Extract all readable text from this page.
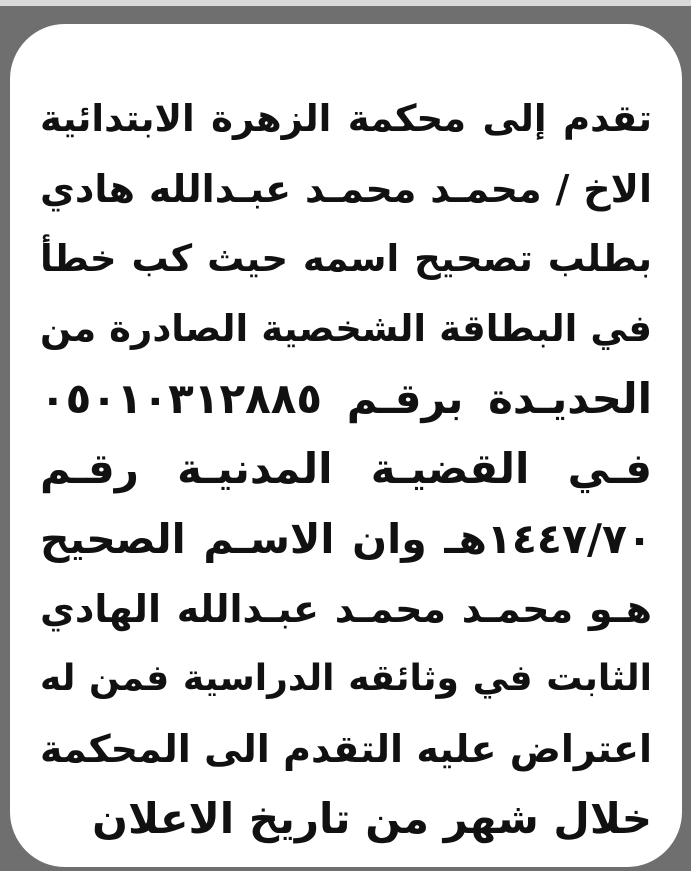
تقدم إلى محكمة الزهرة الابتدائية
الاخ / محمـد محمـد عبـدالله هادي
بطلب تصحيح اسمه حيث كب خطأ
في البطاقة الشخصية الصادرة من
الحديـدة برقـم ٠٥٠١٠٣١٢٨٨٥
فـي القضيـة المدنيـة رقـم
١٤٤٧/٧٠هـ وان الاسـم الصحيح
هـو محمـد محمـد عبـدالله الهادي
الثابت في وثائقه الدراسية فمن له
اعتراض عليه التقدم الى المحكمة
خلال شهر من تاريخ الاعلان
